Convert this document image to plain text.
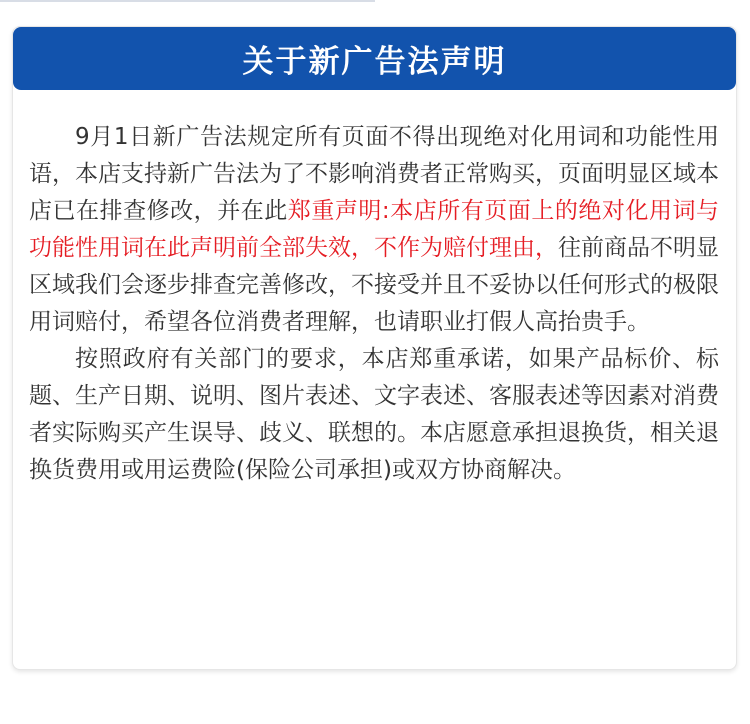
关于新广告法声明

9月1日新广告法规定所有页面不得出现绝对化用词和功能性用语，本店支持新广告法为了不影响消费者正常购买，页面明显区域本店已在排查修改，并在此郑重声明:本店所有页面上的绝对化用词与功能性用词在此声明前全部失效，不作为赔付理由，往前商品不明显区域我们会逐步排查完善修改，不接受并且不妥协以任何形式的极限用词赔付，希望各位消费者理解，也请职业打假人高抬贵手。

按照政府有关部门的要求，本店郑重承诺，如果产品标价、标题、生产日期、说明、图片表述、文字表述、客服表述等因素对消费者实际购买产生误导、歧义、联想的。本店愿意承担退换货，相关退换货费用或用运费险(保险公司承担)或双方协商解决。
